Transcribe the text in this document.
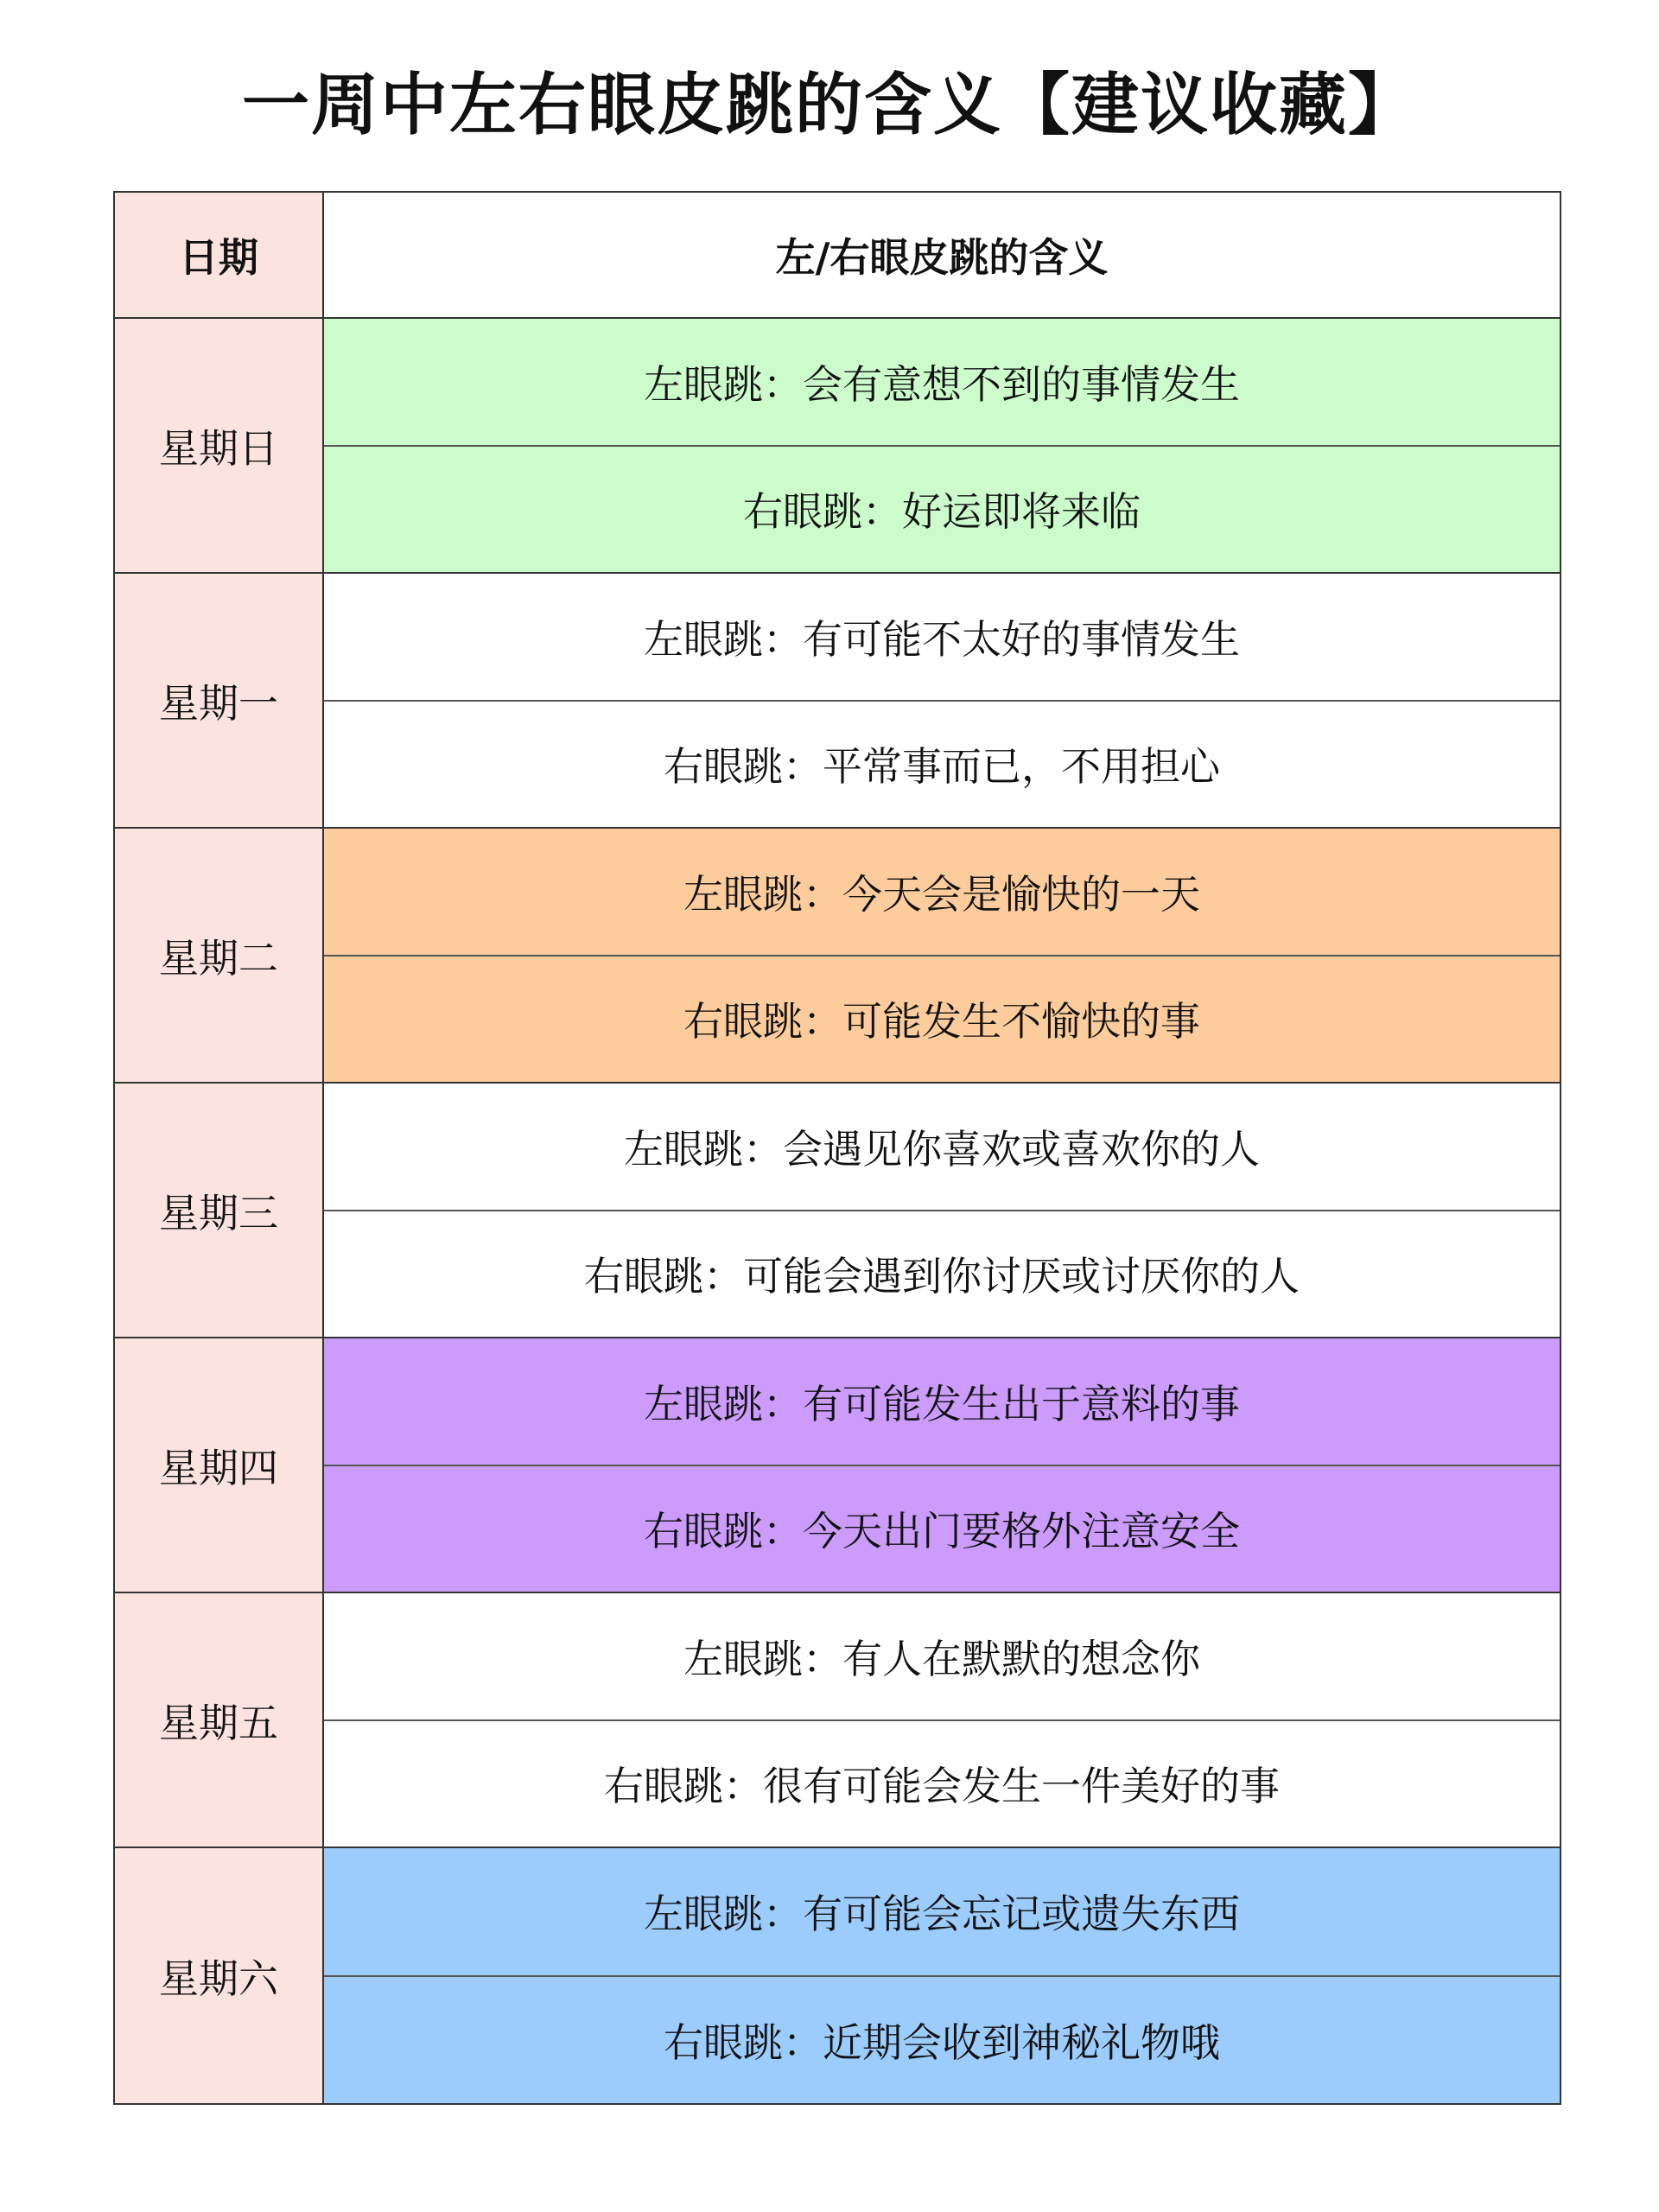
一周中左右眼皮跳的含义【建议收藏】
日期	左/右眼皮跳的含义
星期日
左眼跳：会有意想不到的事情发生
右眼跳：好运即将来临
星期一
左眼跳：有可能不太好的事情发生
右眼跳：平常事而已，不用担心
星期二
左眼跳：今天会是愉快的一天
右眼跳：可能发生不愉快的事
星期三
左眼跳：会遇见你喜欢或喜欢你的人
右眼跳：可能会遇到你讨厌或讨厌你的人
星期四
左眼跳：有可能发生出于意料的事
右眼跳：今天出门要格外注意安全
星期五
左眼跳：有人在默默的想念你
右眼跳：很有可能会发生一件美好的事
星期六
左眼跳：有可能会忘记或遗失东西
右眼跳：近期会收到神秘礼物哦
